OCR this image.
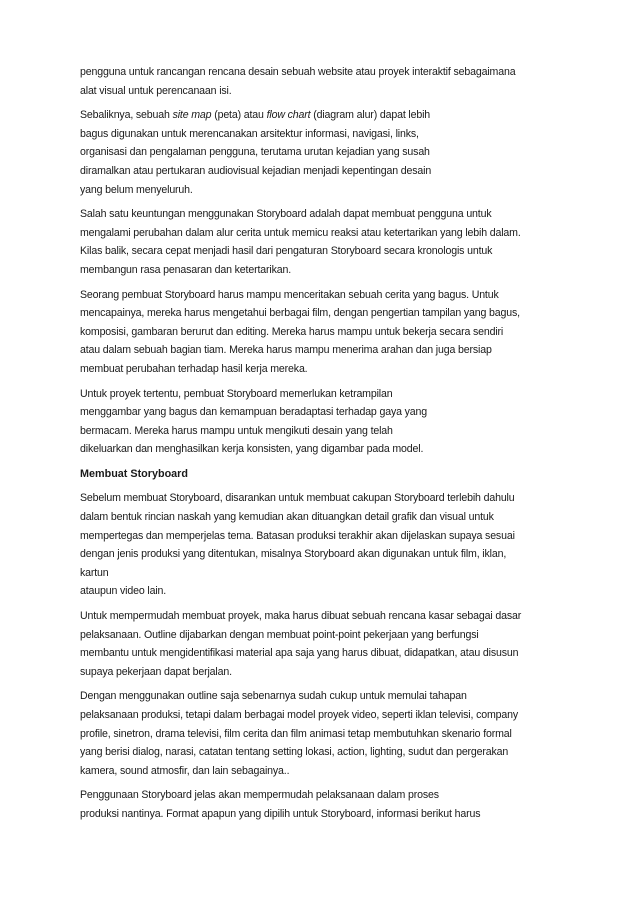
pengguna untuk rancangan rencana desain sebuah website atau proyek interaktif sebagaimana
alat visual untuk perencanaan isi.
Sebaliknya, sebuah site map (peta) atau flow chart (diagram alur) dapat lebih
bagus digunakan untuk merencanakan arsitektur informasi, navigasi, links,
organisasi dan pengalaman pengguna, terutama urutan kejadian yang susah
diramalkan atau pertukaran audiovisual kejadian menjadi kepentingan desain
yang belum menyeluruh.
Salah satu keuntungan menggunakan Storyboard adalah dapat membuat pengguna untuk
mengalami perubahan dalam alur cerita untuk memicu reaksi atau ketertarikan yang lebih dalam.
Kilas balik, secara cepat menjadi hasil dari pengaturan Storyboard secara kronologis untuk
membangun rasa penasaran dan ketertarikan.
Seorang pembuat Storyboard harus mampu menceritakan sebuah cerita yang bagus. Untuk
mencapainya, mereka harus mengetahui berbagai film, dengan pengertian tampilan yang bagus,
komposisi, gambaran berurut dan editing. Mereka harus mampu untuk bekerja secara sendiri
atau dalam sebuah bagian tiam. Mereka harus mampu menerima arahan dan juga bersiap
membuat perubahan terhadap hasil kerja mereka.
Untuk proyek tertentu, pembuat Storyboard memerlukan ketrampilan
menggambar yang bagus dan kemampuan beradaptasi terhadap gaya yang
bermacam. Mereka harus mampu untuk mengikuti desain yang telah
dikeluarkan dan menghasilkan kerja konsisten, yang digambar pada model.
Membuat Storyboard
Sebelum membuat Storyboard, disarankan untuk membuat cakupan Storyboard terlebih dahulu
dalam bentuk rincian naskah yang kemudian akan dituangkan detail grafik dan visual untuk
mempertegas dan memperjelas tema. Batasan produksi terakhir akan dijelaskan supaya sesuai
dengan jenis produksi yang ditentukan, misalnya Storyboard akan digunakan untuk film, iklan,
kartun
ataupun video lain.
Untuk mempermudah membuat proyek, maka harus dibuat sebuah rencana kasar sebagai dasar
pelaksanaan. Outline dijabarkan dengan membuat point-point pekerjaan yang berfungsi
membantu untuk mengidentifikasi material apa saja yang harus dibuat, didapatkan, atau disusun
supaya pekerjaan dapat berjalan.
Dengan menggunakan outline saja sebenarnya sudah cukup untuk memulai tahapan
pelaksanaan produksi, tetapi dalam berbagai model proyek video, seperti iklan televisi, company
profile, sinetron, drama televisi, film cerita dan film animasi tetap membutuhkan skenario formal
yang berisi dialog, narasi, catatan tentang setting lokasi, action, lighting, sudut dan pergerakan
kamera, sound atmosfir, dan lain sebagainya..
Penggunaan Storyboard jelas akan mempermudah pelaksanaan dalam proses
produksi nantinya. Format apapun yang dipilih untuk Storyboard, informasi berikut harus
